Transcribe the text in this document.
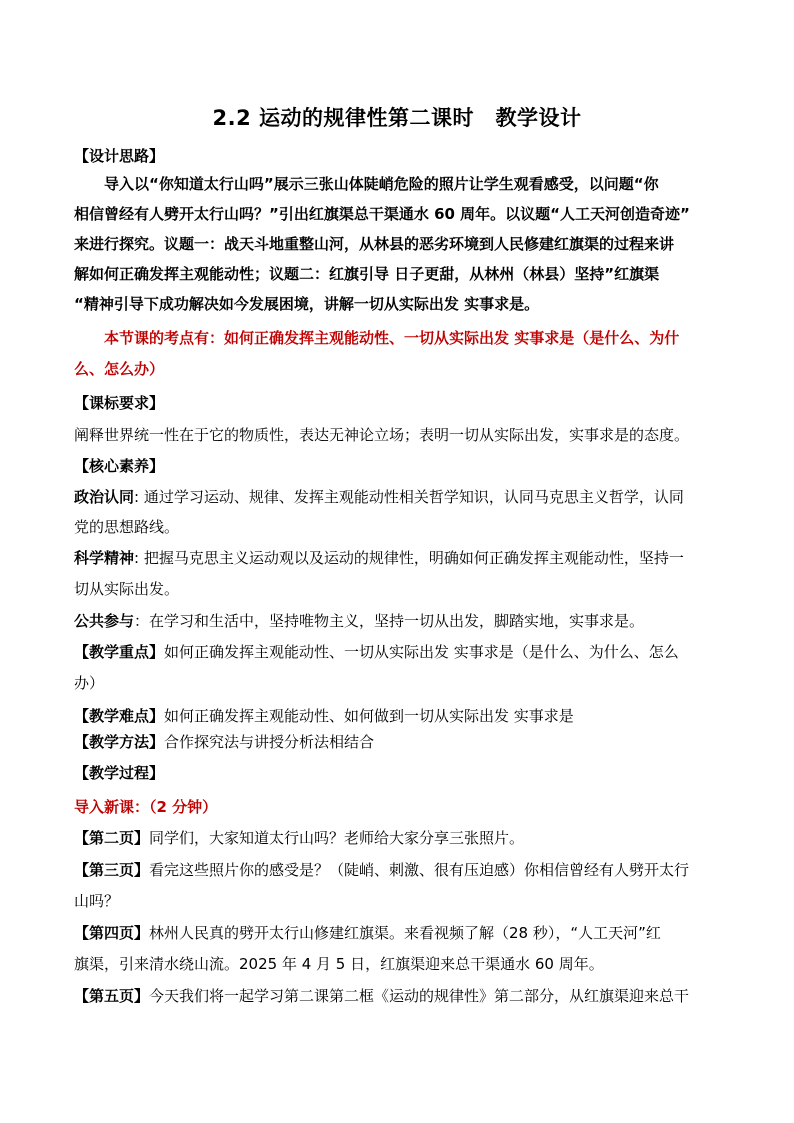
2.2 运动的规律性第二课时　教学设计
【设计思路】
导入以“你知道太行山吗”展示三张山体陡峭危险的照片让学生观看感受，以问题“你
相信曾经有人劈开太行山吗？”引出红旗渠总干渠通水 60 周年。以议题“人工天河创造奇迹”
来进行探究。议题一：战天斗地重整山河，从林县的恶劣环境到人民修建红旗渠的过程来讲
解如何正确发挥主观能动性；议题二：红旗引导 日子更甜，从林州（林县）坚持”红旗渠
“精神引导下成功解决如今发展困境，讲解一切从实际出发 实事求是。
本节课的考点有：如何正确发挥主观能动性、一切从实际出发 实事求是（是什么、为什
么、怎么办）
【课标要求】
阐释世界统一性在于它的物质性，表达无神论立场；表明一切从实际出发，实事求是的态度。
【核心素养】
政治认同: 通过学习运动、规律、发挥主观能动性相关哲学知识，认同马克思主义哲学，认同
党的思想路线。
科学精神: 把握马克思主义运动观以及运动的规律性，明确如何正确发挥主观能动性，坚持一
切从实际出发。
公共参与：在学习和生活中，坚持唯物主义，坚持一切从出发，脚踏实地，实事求是。
【教学重点】如何正确发挥主观能动性、一切从实际出发 实事求是（是什么、为什么、怎么
办）
【教学难点】如何正确发挥主观能动性、如何做到一切从实际出发 实事求是
【教学方法】合作探究法与讲授分析法相结合
【教学过程】
导入新课：（2 分钟）
【第二页】同学们，大家知道太行山吗？老师给大家分享三张照片。
【第三页】看完这些照片你的感受是？（陡峭、刺激、很有压迫感）你相信曾经有人劈开太行
山吗？
【第四页】林州人民真的劈开太行山修建红旗渠。来看视频了解（28 秒），“人工天河”红
旗渠，引来清水绕山流。2025 年 4 月 5 日，红旗渠迎来总干渠通水 60 周年。
【第五页】今天我们将一起学习第二课第二框《运动的规律性》第二部分，从红旗渠迎来总干
